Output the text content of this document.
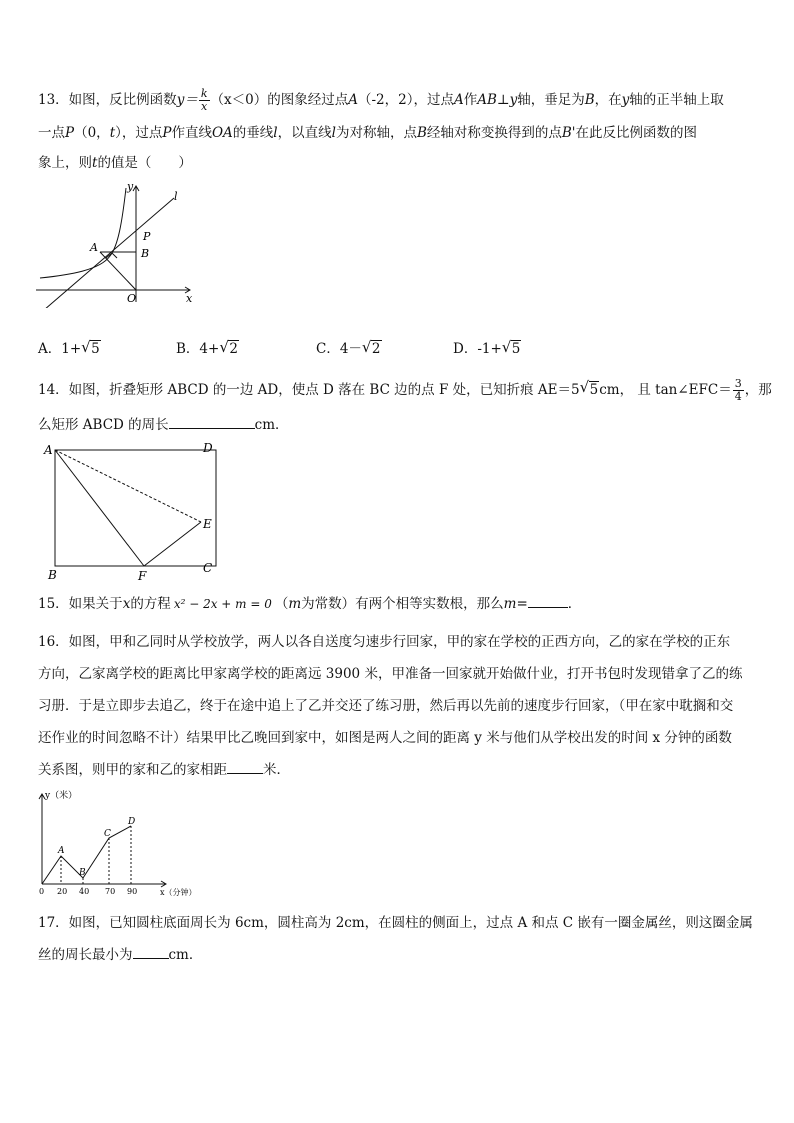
13．如图，反比例函数$y= \frac{k}{x} (x<0)$的图象经过点A（-2，2），过点A作AB⊥y轴，垂足为B，在y轴的正半轴上取
一点P（0，t），过点P作直线OA的垂线l，以直线l为对称轴，点B经轴对称变换得到的点B'在此反比例函数的图
象上，则t的值是（　　）
y
l
P
A	B
O	x
A．1+ √ 5	B．4+ √ 2	C．4－ √ 2	D．-1+ √ 5
14．如图，折叠矩形 ABCD 的一边 AD，使点 D 落在 BC 边的点 F 处，已知折痕 AE＝5 √ 5cm， 且 tan∠EFC＝ $\frac{3}{4}$ ，那
么矩形 ABCD 的周长	cm．
A	D
E
B	F
C
15．如果关于x的方程 x² − 2x + m = 0 （m为常数）有两个相等实数根，那么m=	．
16．如图，甲和乙同时从学校放学，两人以各自送度匀速步行回家，甲的家在学校的正西方向，乙的家在学校的正东
方向，乙家离学校的距离比甲家离学校的距离远 3900 米，甲准备一回家就开始做什业，打开书包时发现错拿了乙的练
习册．于是立即步去追乙，终于在途中追上了乙并交还了练习册，然后再以先前的速度步行回家，（甲在家中耽搁和交
还作业的时间忽略不计）结果甲比乙晚回到家中，如图是两人之间的距离 y 米与他们从学校出发的时间 x 分钟的函数
关系图，则甲的家和乙的家相距	米．
y（米）
x（分钟）
0 20 40 70 90
A
B
C
D
17．如图，已知圆柱底面周长为 6cm，圆柱高为 2cm，在圆柱的侧面上，过点 A 和点 C 嵌有一圈金属丝，则这圈金属
丝的周长最小为	cm．
